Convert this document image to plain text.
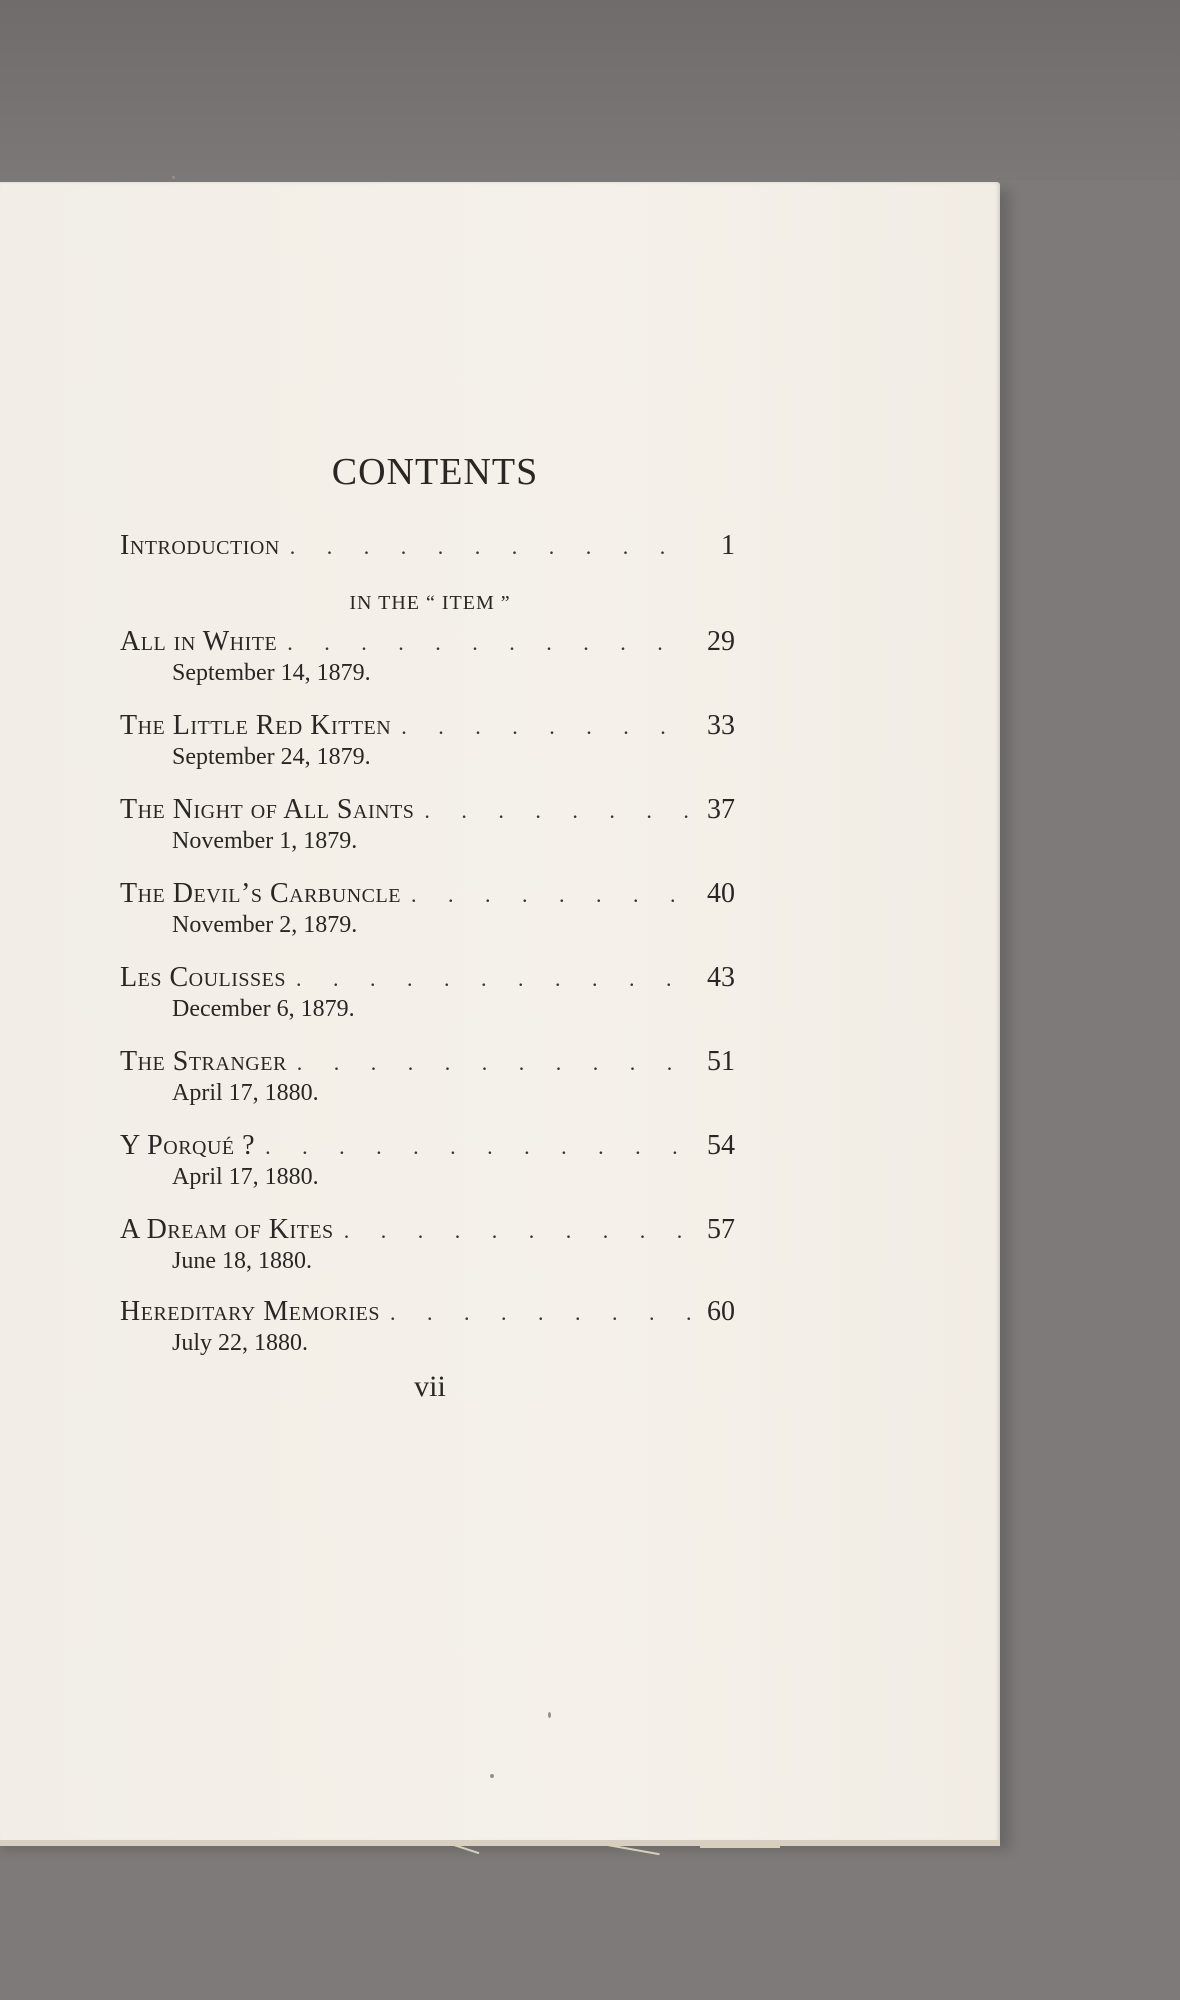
CONTENTS
Introduction . . .	1
IN THE “ ITEM ”
All in White . . .	29
September 14, 1879.
The Little Red Kitten . . .	33
September 24, 1879.
The Night of All Saints . . .	37
November 1, 1879.
The Devil’s Carbuncle . . .	40
November 2, 1879.
Les Coulisses . . .	43
December 6, 1879.
The Stranger . . .	51
April 17, 1880.
Y Porqué ? . . .	54
April 17, 1880.
A Dream of Kites . . .	57
June 18, 1880.
Hereditary Memories . . .	60
July 22, 1880.
vii
